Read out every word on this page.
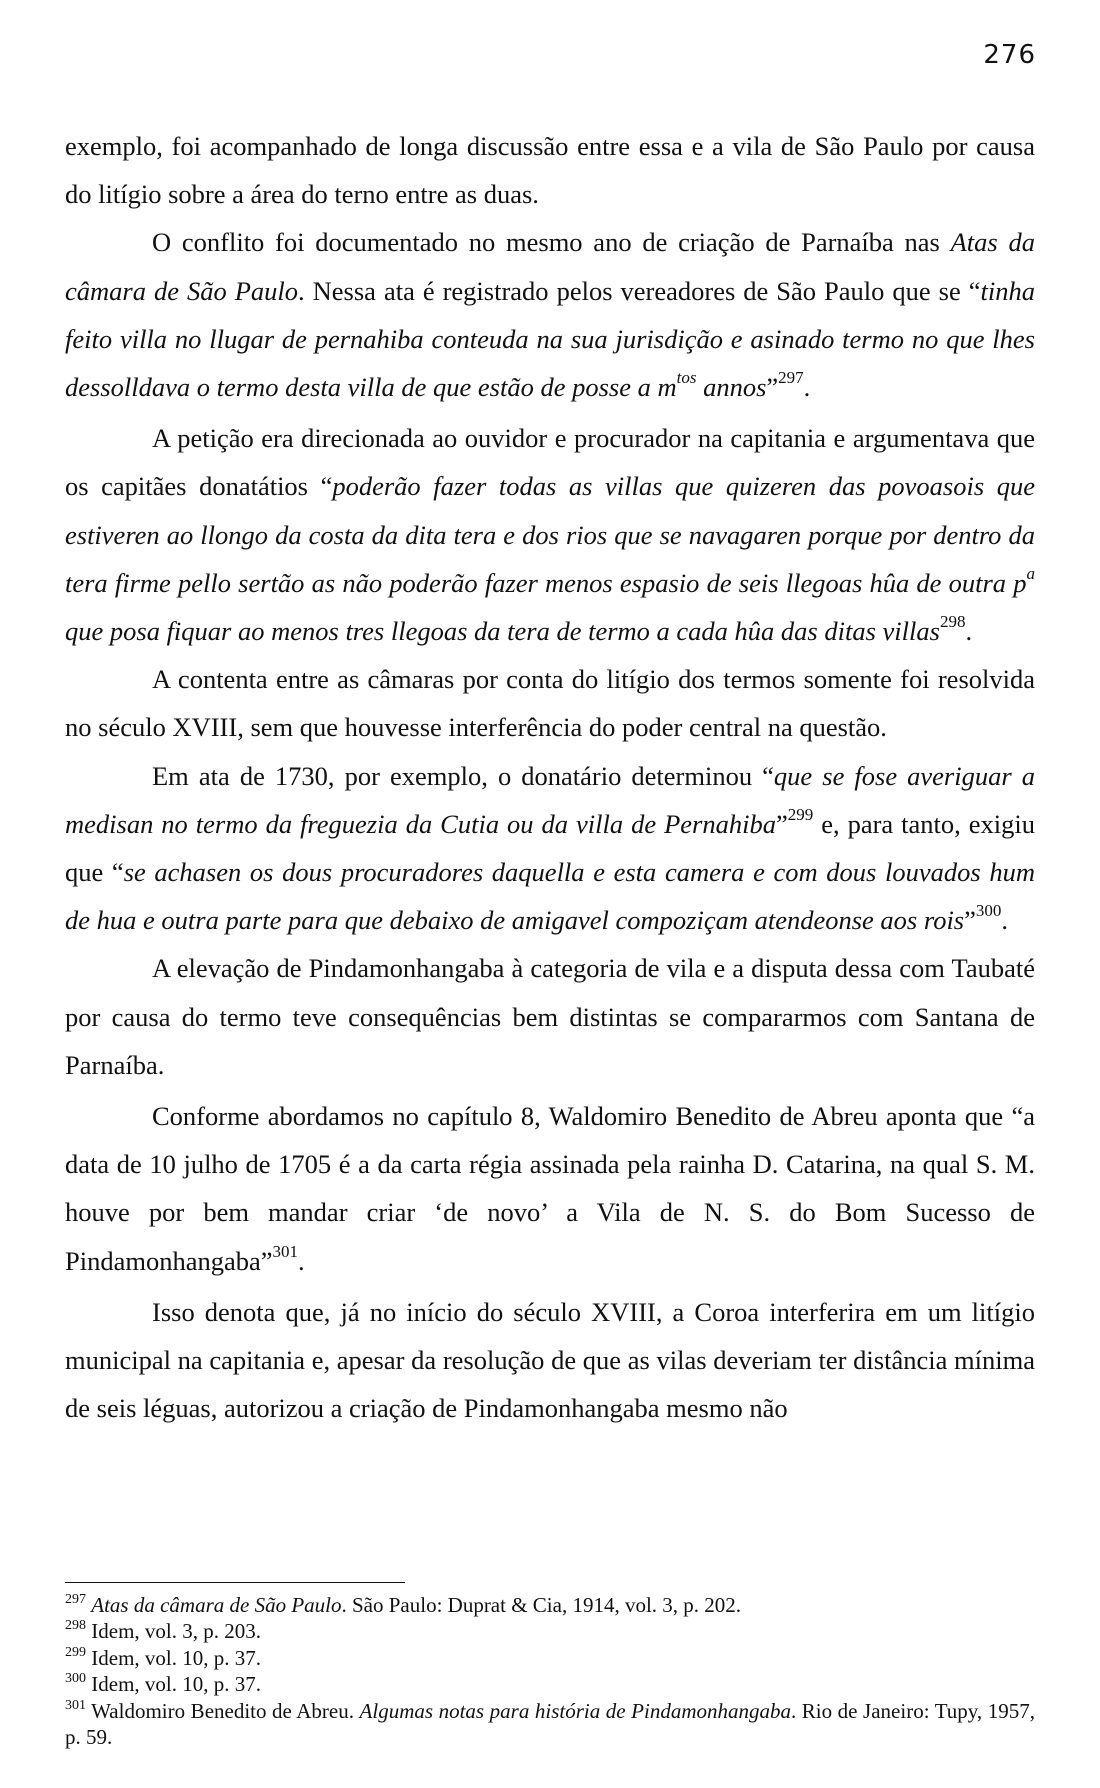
276

exemplo, foi acompanhado de longa discussão entre essa e a vila de São Paulo por causa do litígio sobre a área do terno entre as duas.

O conflito foi documentado no mesmo ano de criação de Parnaíba nas Atas da câmara de São Paulo. Nessa ata é registrado pelos vereadores de São Paulo que se “tinha feito villa no llugar de pernahiba conteuda na sua jurisdição e asinado termo no que lhes dessolldava o termo desta villa de que estão de posse a $m^{tos}$ annos”$^{297}$.

A petição era direcionada ao ouvidor e procurador na capitania e argumentava que os capitães donatátios “poderão fazer todas as villas que quizeren das povoasois que estiveren ao llongo da costa da dita tera e dos rios que se navagaren porque por dentro da tera firme pello sertão as não poderão fazer menos espasio de seis llegoas hûa de outra $p^a$ que posa fiquar ao menos tres llegoas da tera de termo a cada hûa das ditas villas$^{298}$.

A contenta entre as câmaras por conta do litígio dos termos somente foi resolvida no século XVIII, sem que houvesse interferência do poder central na questão.

Em ata de 1730, por exemplo, o donatário determinou “que se fose averiguar a medisan no termo da freguezia da Cutia ou da villa de Pernahiba”$^{299}$ e, para tanto, exigiu que “se achasen os dous procuradores daquella e esta camera e com dous louvados hum de hua e outra parte para que debaixo de amigavel compoziçam atendeonse aos rois”$^{300}$.

A elevação de Pindamonhangaba à categoria de vila e a disputa dessa com Taubaté por causa do termo teve consequências bem distintas se compararmos com Santana de Parnaíba.

Conforme abordamos no capítulo 8, Waldomiro Benedito de Abreu aponta que “a data de 10 julho de 1705 é a da carta régia assinada pela rainha D. Catarina, na qual S. M. houve por bem mandar criar ‘de novo’ a Vila de N. S. do Bom Sucesso de Pindamonhangaba”$^{301}$.

Isso denota que, já no início do século XVIII, a Coroa interferira em um litígio municipal na capitania e, apesar da resolução de que as vilas deveriam ter distância mínima de seis léguas, autorizou a criação de Pindamonhangaba mesmo não

$^{297}$ Atas da câmara de São Paulo. São Paulo: Duprat & Cia, 1914, vol. 3, p. 202.

$^{298}$ Idem, vol. 3, p. 203.

$^{299}$ Idem, vol. 10, p. 37.

$^{300}$ Idem, vol. 10, p. 37.

$^{301}$ Waldomiro Benedito de Abreu. Algumas notas para história de Pindamonhangaba. Rio de Janeiro: Tupy, 1957, p. 59.
